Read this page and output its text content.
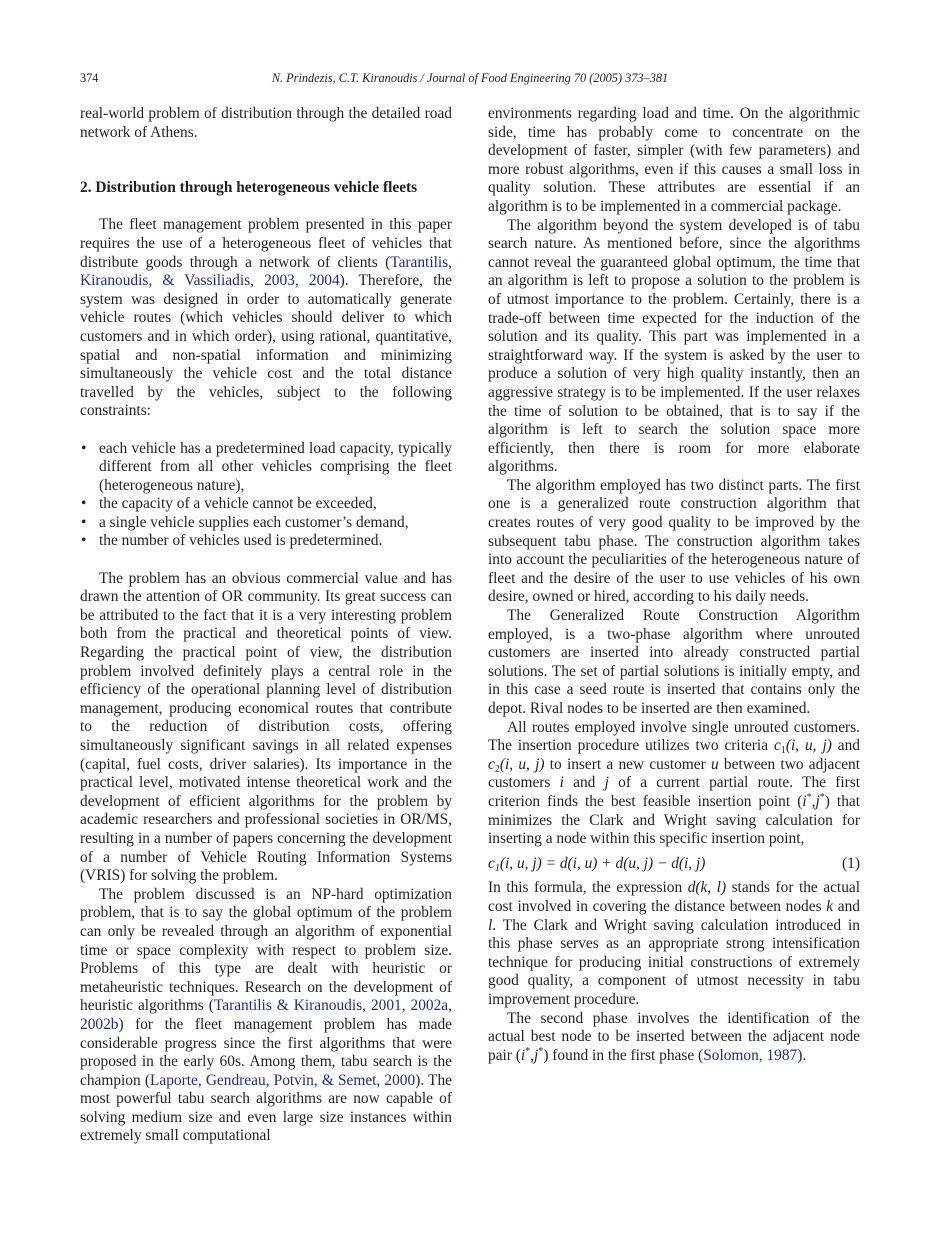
374	N. Prindezis, C.T. Kiranoudis / Journal of Food Engineering 70 (2005) 373–381

real-world problem of distribution through the detailed road network of Athens.

2. Distribution through heterogeneous vehicle fleets

The fleet management problem presented in this paper requires the use of a heterogeneous fleet of vehicles that distribute goods through a network of clients (Tarantilis, Kiranoudis, & Vassiliadis, 2003, 2004). Therefore, the system was designed in order to automatically generate vehicle routes (which vehicles should deliver to which customers and in which order), using rational, quantitative, spatial and non-spatial information and minimizing simultaneously the vehicle cost and the total distance travelled by the vehicles, subject to the following constraints:

• each vehicle has a predetermined load capacity, typically different from all other vehicles comprising the fleet (heterogeneous nature),
• the capacity of a vehicle cannot be exceeded,
• a single vehicle supplies each customer’s demand,
• the number of vehicles used is predetermined.

The problem has an obvious commercial value and has drawn the attention of OR community. Its great success can be attributed to the fact that it is a very interesting problem both from the practical and theoretical points of view. Regarding the practical point of view, the distribution problem involved definitely plays a central role in the efficiency of the operational planning level of distribution management, producing economical routes that contribute to the reduction of distribution costs, offering simultaneously significant savings in all related expenses (capital, fuel costs, driver salaries). Its importance in the practical level, motivated intense theoretical work and the development of efficient algorithms for the problem by academic researchers and professional societies in OR/MS, resulting in a number of papers concerning the development of a number of Vehicle Routing Information Systems (VRIS) for solving the problem.

The problem discussed is an NP-hard optimization problem, that is to say the global optimum of the problem can only be revealed through an algorithm of exponential time or space complexity with respect to problem size. Problems of this type are dealt with heuristic or metaheuristic techniques. Research on the development of heuristic algorithms (Tarantilis & Kiranoudis, 2001, 2002a, 2002b) for the fleet management problem has made considerable progress since the first algorithms that were proposed in the early 60s. Among them, tabu search is the champion (Laporte, Gendreau, Potvin, & Semet, 2000). The most powerful tabu search algorithms are now capable of solving medium size and even large size instances within extremely small computational

environments regarding load and time. On the algorithmic side, time has probably come to concentrate on the development of faster, simpler (with few parameters) and more robust algorithms, even if this causes a small loss in quality solution. These attributes are essential if an algorithm is to be implemented in a commercial package.

The algorithm beyond the system developed is of tabu search nature. As mentioned before, since the algorithms cannot reveal the guaranteed global optimum, the time that an algorithm is left to propose a solution to the problem is of utmost importance to the problem. Certainly, there is a trade-off between time expected for the induction of the solution and its quality. This part was implemented in a straightforward way. If the system is asked by the user to produce a solution of very high quality instantly, then an aggressive strategy is to be implemented. If the user relaxes the time of solution to be obtained, that is to say if the algorithm is left to search the solution space more efficiently, then there is room for more elaborate algorithms.

The algorithm employed has two distinct parts. The first one is a generalized route construction algorithm that creates routes of very good quality to be improved by the subsequent tabu phase. The construction algorithm takes into account the peculiarities of the heterogeneous nature of fleet and the desire of the user to use vehicles of his own desire, owned or hired, according to his daily needs.

The Generalized Route Construction Algorithm employed, is a two-phase algorithm where unrouted customers are inserted into already constructed partial solutions. The set of partial solutions is initially empty, and in this case a seed route is inserted that contains only the depot. Rival nodes to be inserted are then examined.

All routes employed involve single unrouted customers. The insertion procedure utilizes two criteria $c_1(i$, u, j) and $c_2(i$, u, j) to insert a new customer u between two adjacent customers i and j of a current partial route. The first criterion finds the best feasible insertion point (i*,j*) that minimizes the Clark and Wright saving calculation for inserting a node within this specific insertion point,

$c_1(i$, u, j) = d(i, u) + d(u, j) − d(i, j)	(1)

In this formula, the expression d(k, l) stands for the actual cost involved in covering the distance between nodes k and l. The Clark and Wright saving calculation introduced in this phase serves as an appropriate strong intensification technique for producing initial constructions of extremely good quality, a component of utmost necessity in tabu improvement procedure.

The second phase involves the identification of the actual best node to be inserted between the adjacent node pair (i*,j*) found in the first phase (Solomon, 1987).
